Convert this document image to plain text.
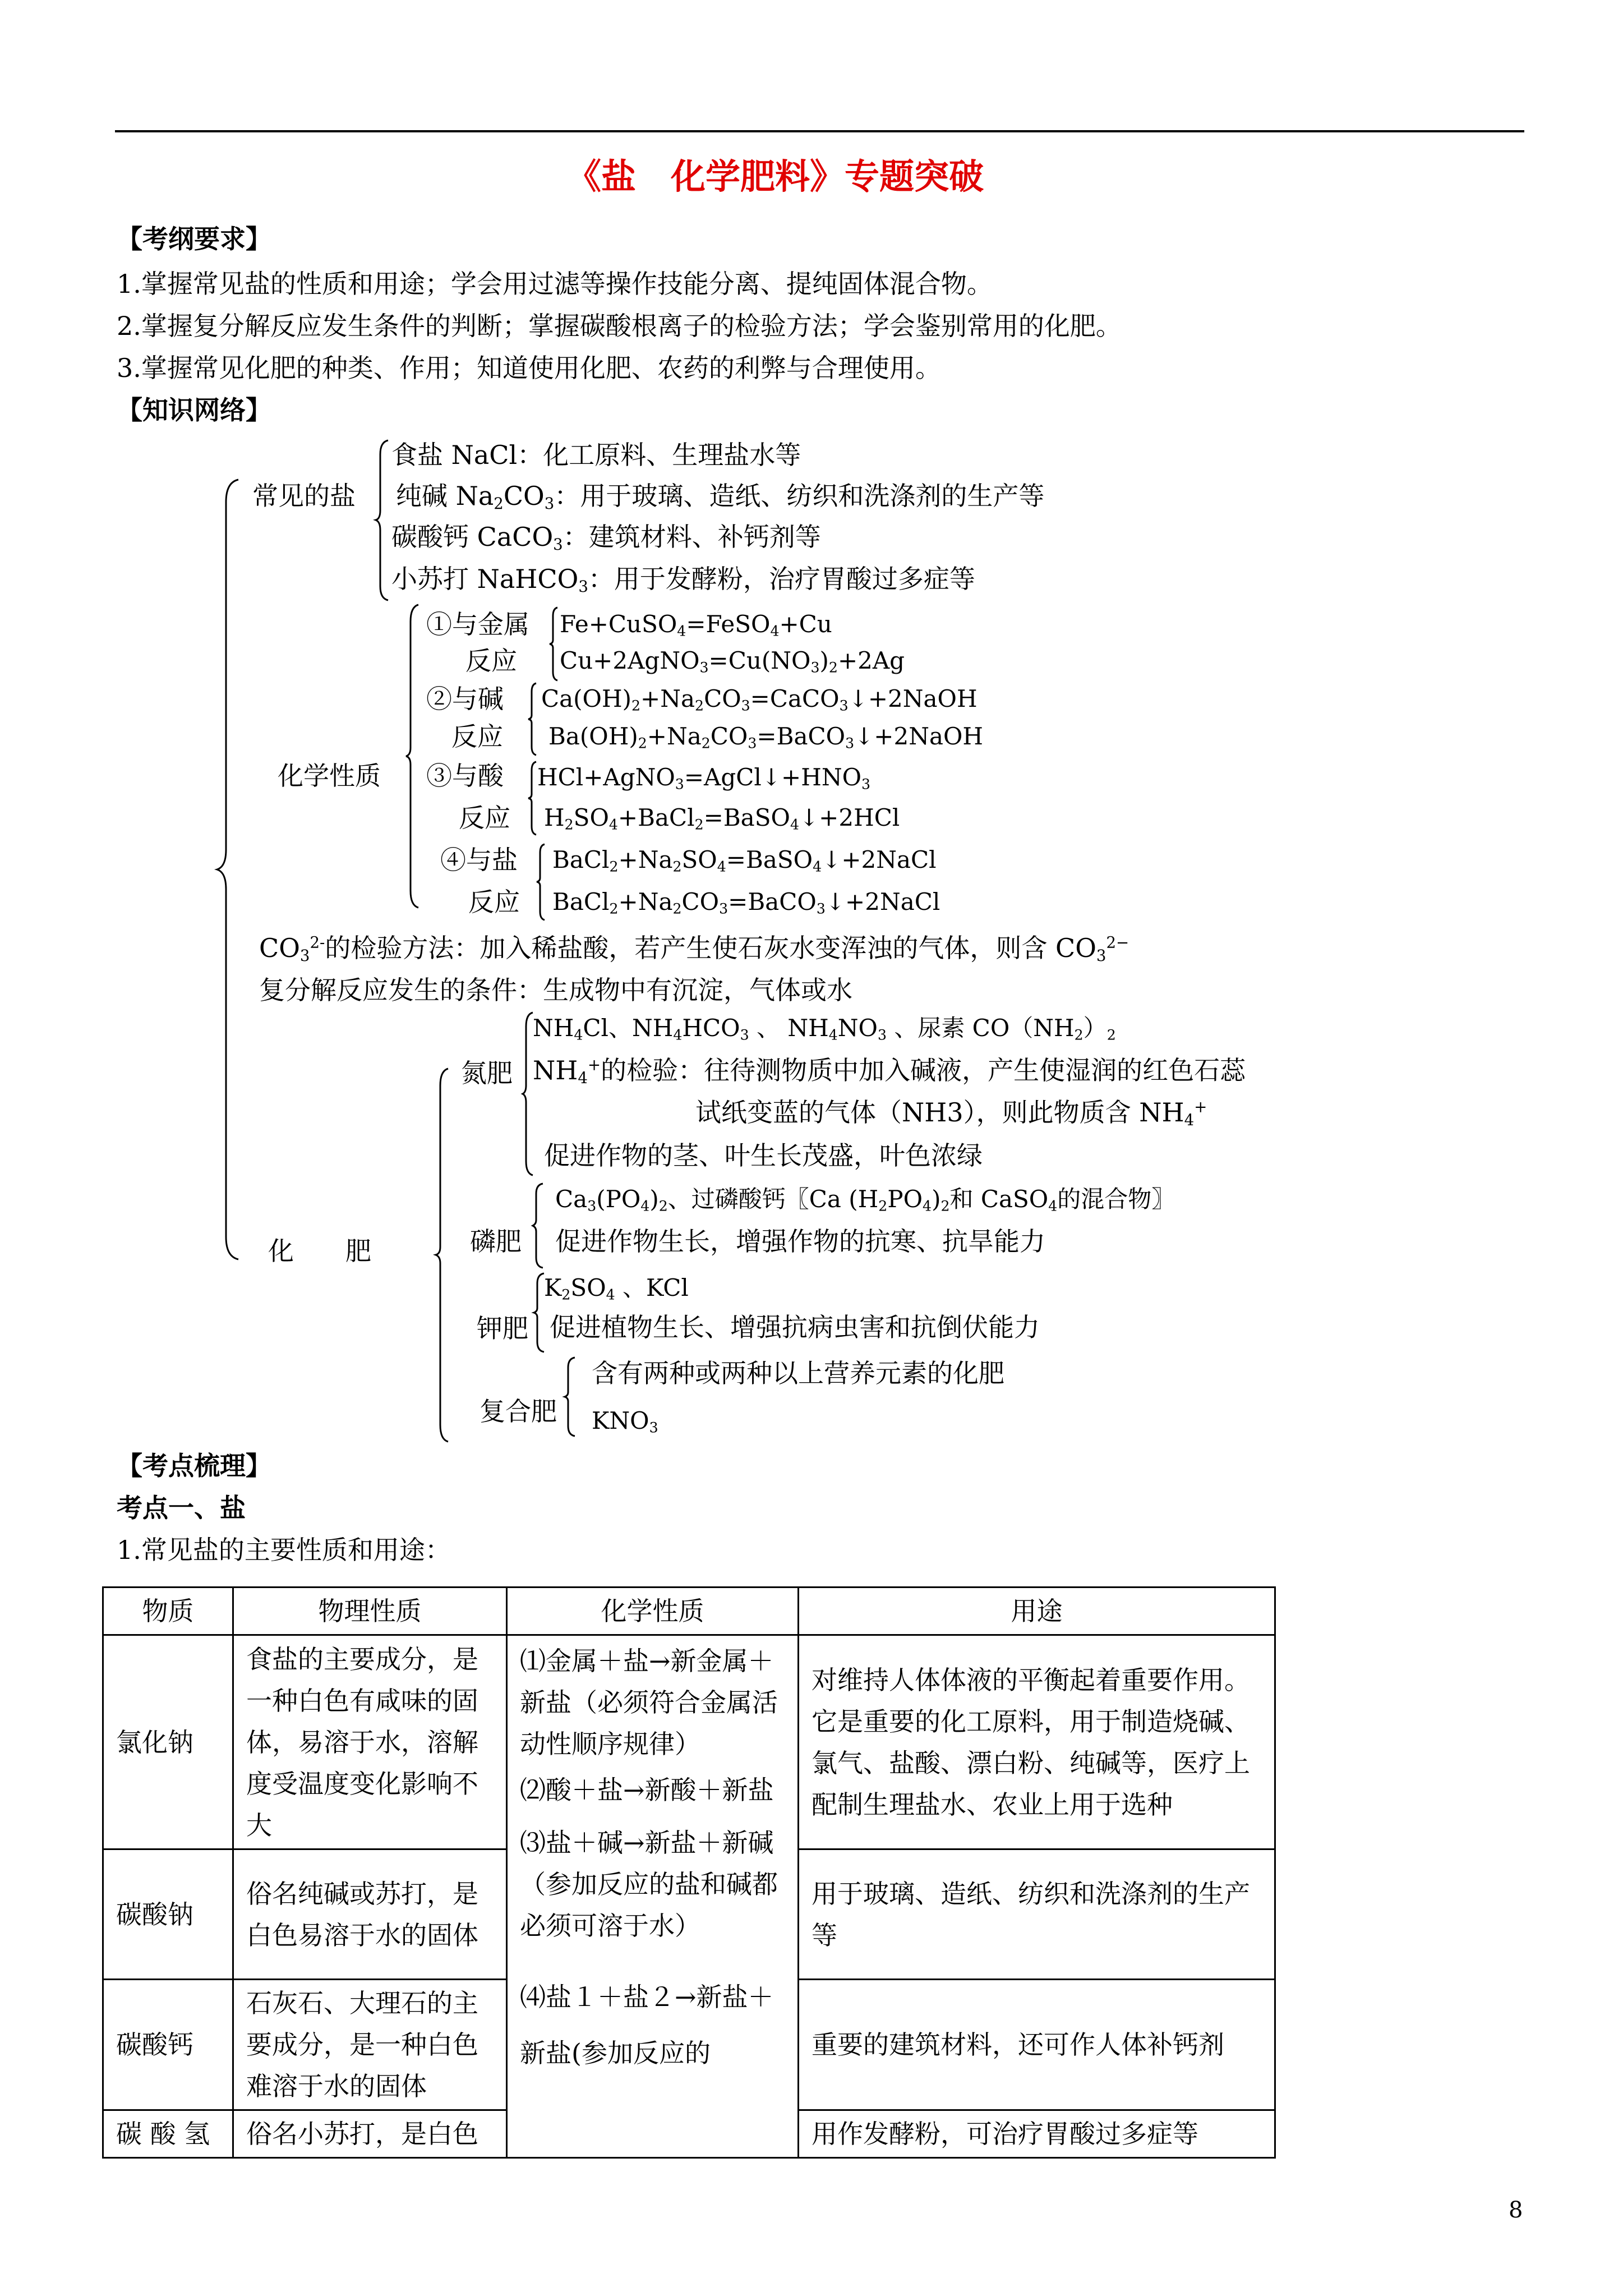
《盐　化学肥料》专题突破
【考纲要求】
1.掌握常见盐的性质和用途；学会用过滤等操作技能分离、提纯固体混合物。
2.掌握复分解反应发生条件的判断；掌握碳酸根离子的检验方法；学会鉴别常用的化肥。
3.掌握常见化肥的种类、作用；知道使用化肥、农药的利弊与合理使用。
【知识网络】
常见的盐
食盐 NaCl：化工原料、生理盐水等
纯碱 $Na_2CO_3$：用于玻璃、造纸、纺织和洗涤剂的生产等
碳酸钙 CaCO$_3$：建筑材料、补钙剂等
小苏打 NaHCO$_3$：用于发酵粉，治疗胃酸过多症等
化学性质
①与金属
反应
Fe+CuSO$_4$=FeSO$_4$+Cu
$Cu+2AgNO_3=Cu(NO_3)_2+2Ag$
②与碱
反应
$Ca(OH)_2+Na_2CO_3=CaCO_3↓+2NaOH$
$Ba(OH)_2+Na_2CO_3=BaCO_3↓+2NaOH$
③与酸
反应
$HCl+AgNO_3=AgCl↓+HNO_3$
$H_2SO_4+BaCl_2=BaSO_4↓+2HCl$
④与盐
反应
$BaCl_2+Na_2SO_4=BaSO_4↓+2NaCl$
$BaCl_2+Na_2CO_3=BaCO_3↓+2NaCl$
$CO_3^{2-}$的检验方法：加入稀盐酸，若产生使石灰水变浑浊的气体，则含 $CO_3^{2-}$
复分解反应发生的条件：生成物中有沉淀，气体或水
化　　肥
氮肥
$NH_4Cl$、$NH_4HCO_3$ 、 $NH_4NO_3$ 、尿素 $CO(NH_2)_2$
$NH_4^+$的检验：往待测物质中加入碱液，产生使湿润的红色石蕊
试纸变蓝的气体（NH3），则此物质含 $NH_4^+$
促进作物的茎、叶生长茂盛，叶色浓绿
磷肥
$Ca_3(PO_4)_2$、过磷酸钙〖Ca $(H_2PO_4)_2$和 CaSO$_4$的混合物〗
促进作物生长，增强作物的抗寒、抗旱能力
钾肥
$K_2SO_4$ 、KCl
促进植物生长、增强抗病虫害和抗倒伏能力
复合肥
含有两种或两种以上营养元素的化肥
$KNO_3$
【考点梳理】
考点一、盐
1.常见盐的主要性质和用途：
物质	物理性质	化学性质	用途
氯化钠	食盐的主要成分，是一种白色有咸味的固体，易溶于水，溶解度受温度变化影响不大	⑴金属＋盐→新金属＋新盐（必须符合金属活动性顺序规律）
⑵酸＋盐→新酸＋新盐
⑶盐＋碱→新盐＋新碱（参加反应的盐和碱都必须可溶于水）
⑷盐１＋盐２→新盐＋新盐(参加反应的	对维持人体体液的平衡起着重要作用。它是重要的化工原料，用于制造烧碱、氯气、盐酸、漂白粉、纯碱等，医疗上配制生理盐水、农业上用于选种
碳酸钠	俗名纯碱或苏打，是白色易溶于水的固体		用于玻璃、造纸、纺织和洗涤剂的生产等
碳酸钙	石灰石、大理石的主要成分，是一种白色难溶于水的固体		重要的建筑材料，还可作人体补钙剂
碳 酸 氢	俗名小苏打，是白色		用作发酵粉，可治疗胃酸过多症等
8
